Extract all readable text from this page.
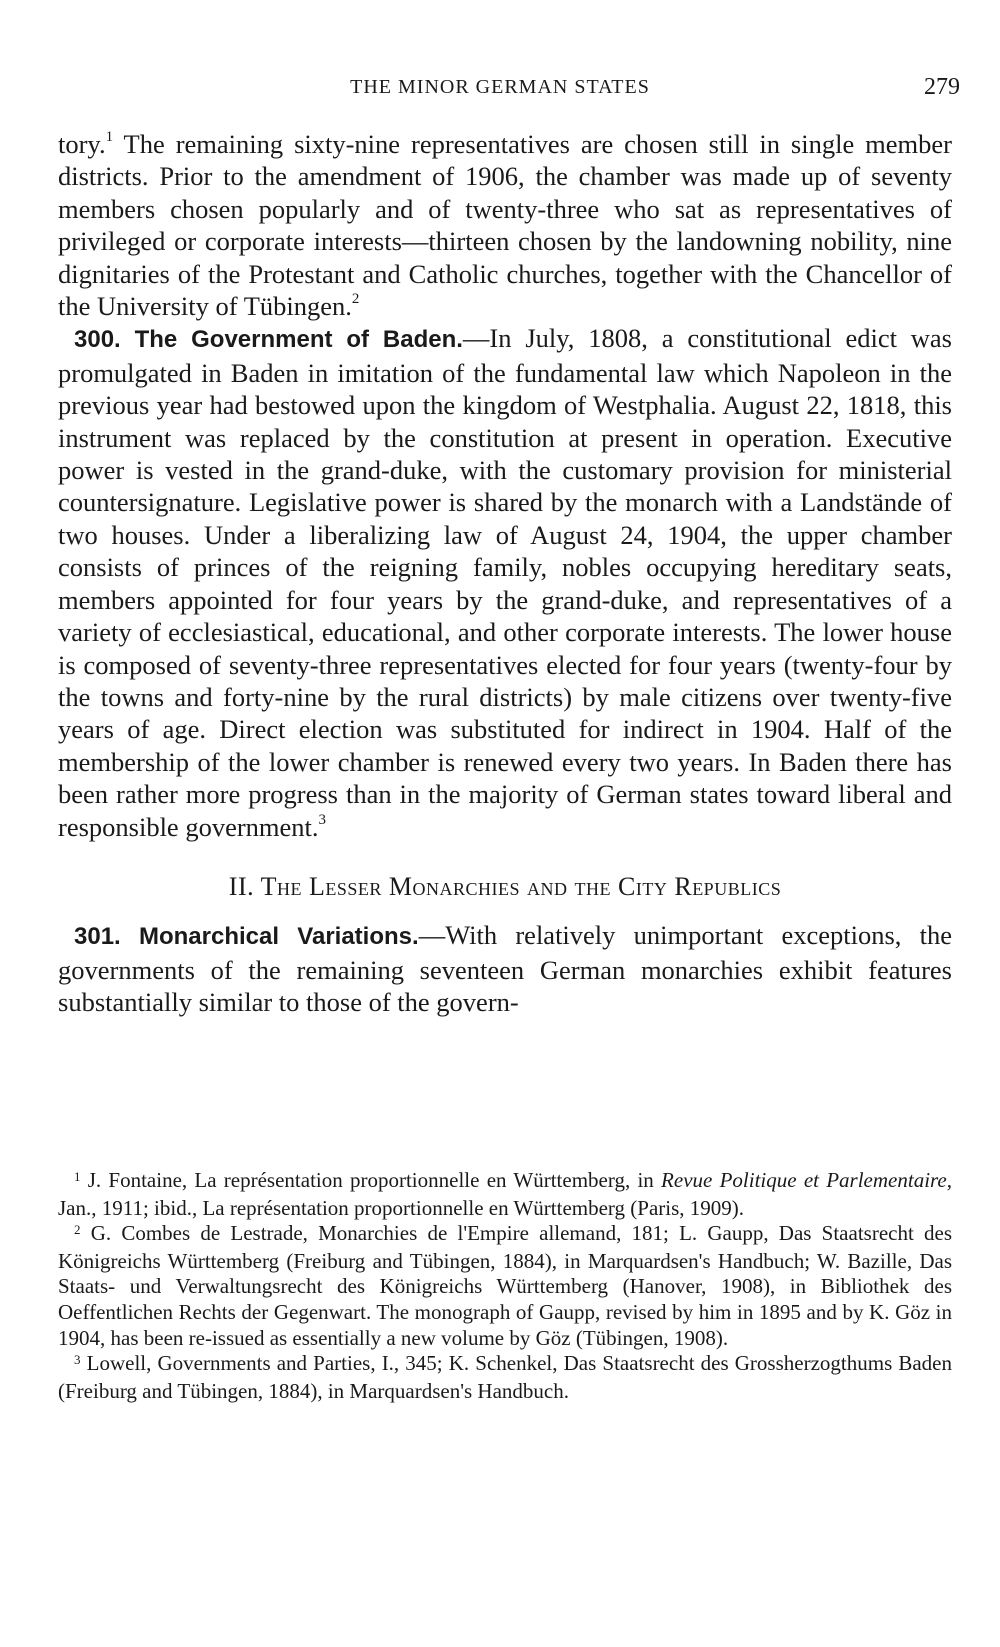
THE MINOR GERMAN STATES	279

tory.$^1$ The remaining sixty-nine representatives are chosen still in single member districts. Prior to the amendment of 1906, the chamber was made up of seventy members chosen popularly and of twenty-three who sat as representatives of privileged or corporate interests—thirteen chosen by the landowning nobility, nine dignitaries of the Protestant and Catholic churches, together with the Chancellor of the University of Tübingen.$^2$

300. The Government of Baden.—In July, 1808, a constitutional edict was promulgated in Baden in imitation of the fundamental law which Napoleon in the previous year had bestowed upon the kingdom of Westphalia. August 22, 1818, this instrument was replaced by the constitution at present in operation. Executive power is vested in the grand-duke, with the customary provision for ministerial countersignature. Legislative power is shared by the monarch with a Landstände of two houses. Under a liberalizing law of August 24, 1904, the upper chamber consists of princes of the reigning family, nobles occupying hereditary seats, members appointed for four years by the grand-duke, and representatives of a variety of ecclesiastical, educational, and other corporate interests. The lower house is composed of seventy-three representatives elected for four years (twenty-four by the towns and forty-nine by the rural districts) by male citizens over twenty-five years of age. Direct election was substituted for indirect in 1904. Half of the membership of the lower chamber is renewed every two years. In Baden there has been rather more progress than in the majority of German states toward liberal and responsible government.$^3$

II. The Lesser Monarchies and the City Republics

301. Monarchical Variations.—With relatively unimportant exceptions, the governments of the remaining seventeen German monarchies exhibit features substantially similar to those of the govern-

$^1$ J. Fontaine, La représentation proportionnelle en Württemberg, in Revue Politique et Parlementaire, Jan., 1911; ibid., La représentation proportionnelle en Württemberg (Paris, 1909).

$^2$ G. Combes de Lestrade, Monarchies de l'Empire allemand, 181; L. Gaupp, Das Staatsrecht des Königreichs Württemberg (Freiburg and Tübingen, 1884), in Marquardsen's Handbuch; W. Bazille, Das Staats- und Verwaltungsrecht des Königreichs Württemberg (Hanover, 1908), in Bibliothek des Oeffentlichen Rechts der Gegenwart. The monograph of Gaupp, revised by him in 1895 and by K. Göz in 1904, has been re-issued as essentially a new volume by Göz (Tübingen, 1908).

$^3$ Lowell, Governments and Parties, I., 345; K. Schenkel, Das Staatsrecht des Grossherzogthums Baden (Freiburg and Tübingen, 1884), in Marquardsen's Handbuch.
